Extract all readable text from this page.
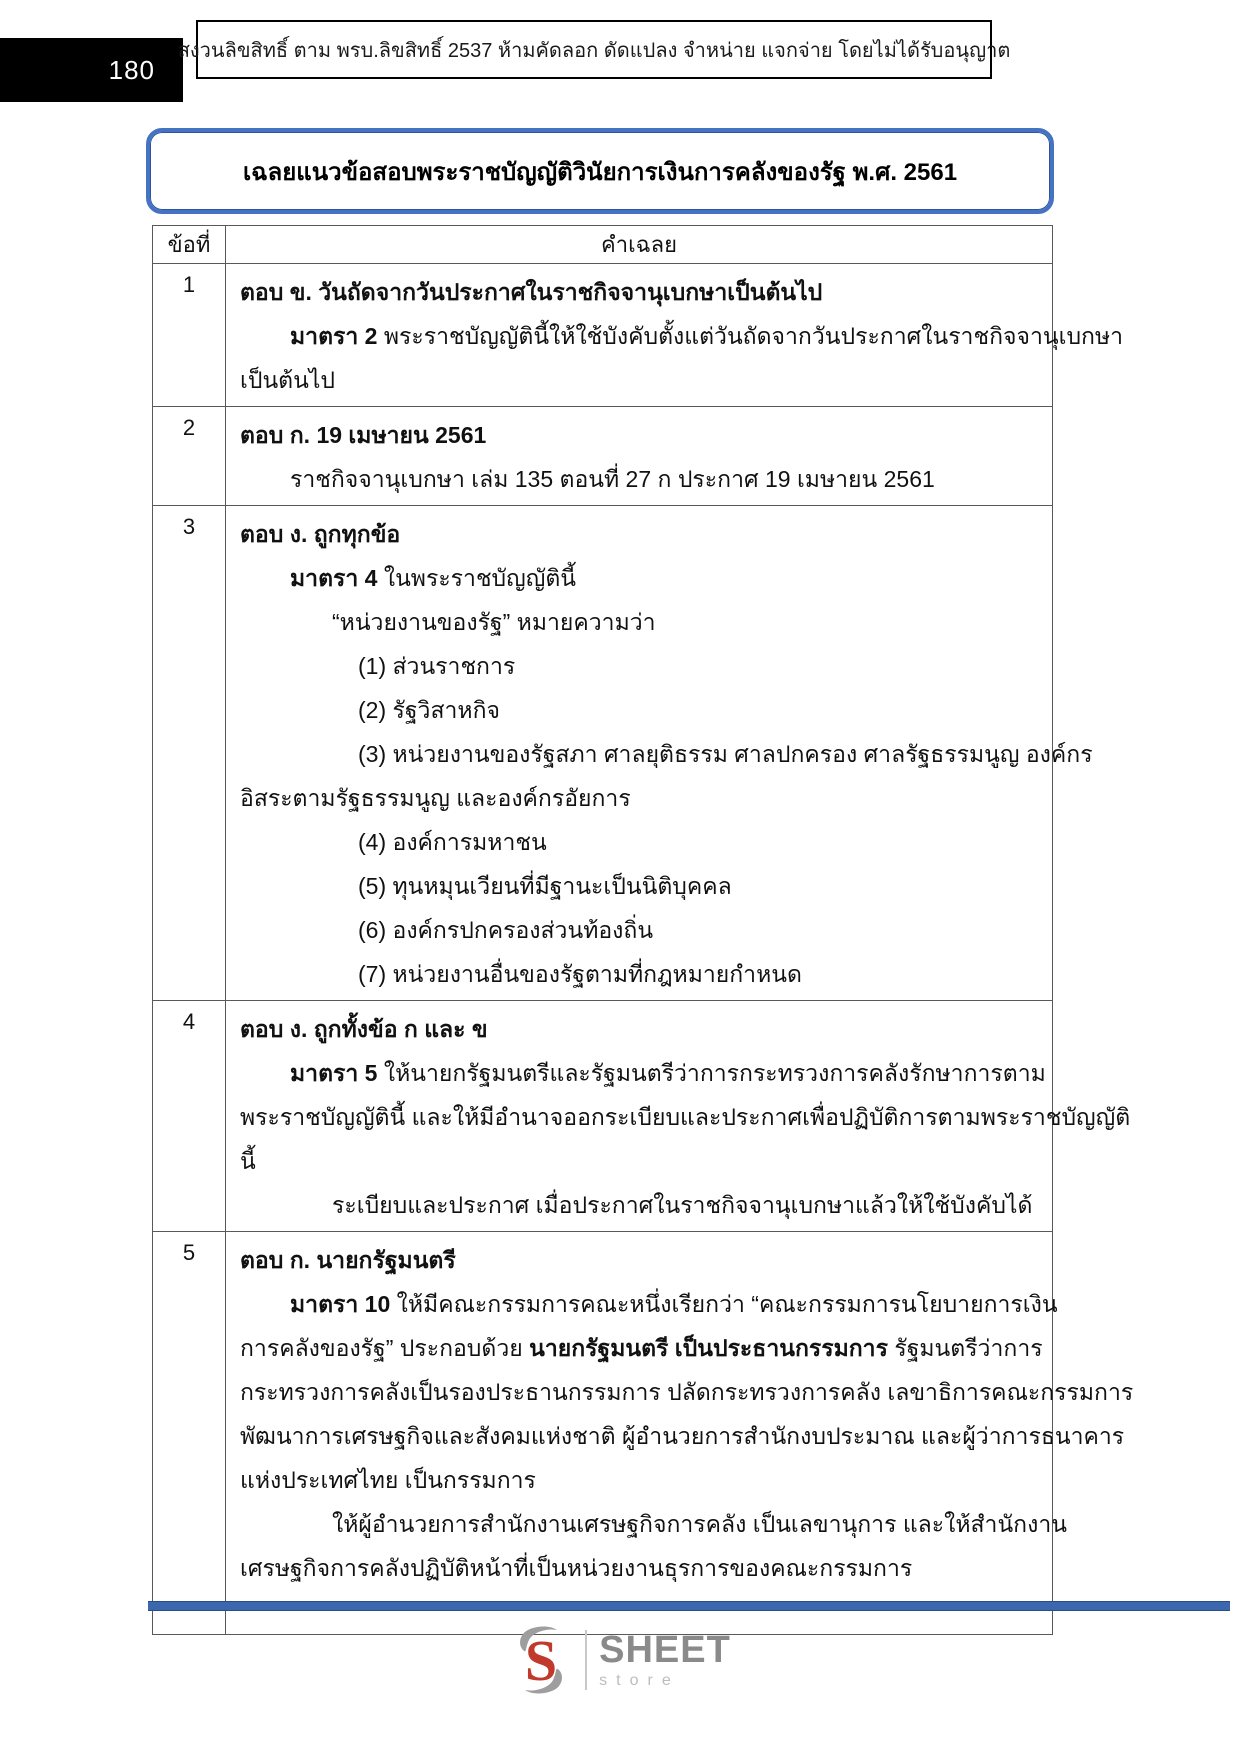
180
สงวนลิขสิทธิ์ ตาม พรบ.ลิขสิทธิ์ 2537 ห้ามคัดลอก ดัดแปลง จำหน่าย แจกจ่าย โดยไม่ได้รับอนุญาต
เฉลยแนวข้อสอบพระราชบัญญัติวินัยการเงินการคลังของรัฐ พ.ศ. 2561
ข้อที่	คำเฉลย
1	ตอบ ข. วันถัดจากวันประกาศในราชกิจจานุเบกษาเป็นต้นไป
มาตรา 2 พระราชบัญญัตินี้ให้ใช้บังคับตั้งแต่วันถัดจากวันประกาศในราชกิจจานุเบกษา
เป็นต้นไป
2	ตอบ ก. 19 เมษายน 2561
ราชกิจจานุเบกษา เล่ม 135 ตอนที่ 27 ก ประกาศ 19 เมษายน 2561
3	ตอบ ง. ถูกทุกข้อ
มาตรา 4 ในพระราชบัญญัตินี้
“หน่วยงานของรัฐ” หมายความว่า
(1) ส่วนราชการ
(2) รัฐวิสาหกิจ
(3) หน่วยงานของรัฐสภา ศาลยุติธรรม ศาลปกครอง ศาลรัฐธรรมนูญ องค์กร
อิสระตามรัฐธรรมนูญ และองค์กรอัยการ
(4) องค์การมหาชน
(5) ทุนหมุนเวียนที่มีฐานะเป็นนิติบุคคล
(6) องค์กรปกครองส่วนท้องถิ่น
(7) หน่วยงานอื่นของรัฐตามที่กฎหมายกำหนด
4	ตอบ ง. ถูกทั้งข้อ ก และ ข
มาตรา 5 ให้นายกรัฐมนตรีและรัฐมนตรีว่าการกระทรวงการคลังรักษาการตาม
พระราชบัญญัตินี้ และให้มีอำนาจออกระเบียบและประกาศเพื่อปฏิบัติการตามพระราชบัญญัติ
นี้
ระเบียบและประกาศ เมื่อประกาศในราชกิจจานุเบกษาแล้วให้ใช้บังคับได้
5	ตอบ ก. นายกรัฐมนตรี
มาตรา 10 ให้มีคณะกรรมการคณะหนึ่งเรียกว่า “คณะกรรมการนโยบายการเงิน
การคลังของรัฐ” ประกอบด้วย นายกรัฐมนตรี เป็นประธานกรรมการ รัฐมนตรีว่าการ
กระทรวงการคลังเป็นรองประธานกรรมการ ปลัดกระทรวงการคลัง เลขาธิการคณะกรรมการ
พัฒนาการเศรษฐกิจและสังคมแห่งชาติ ผู้อำนวยการสำนักงบประมาณ และผู้ว่าการธนาคาร
แห่งประเทศไทย เป็นกรรมการ
ให้ผู้อำนวยการสำนักงานเศรษฐกิจการคลัง เป็นเลขานุการ และให้สำนักงาน
เศรษฐกิจการคลังปฏิบัติหน้าที่เป็นหน่วยงานธุรการของคณะกรรมการ
S SHEET
store
